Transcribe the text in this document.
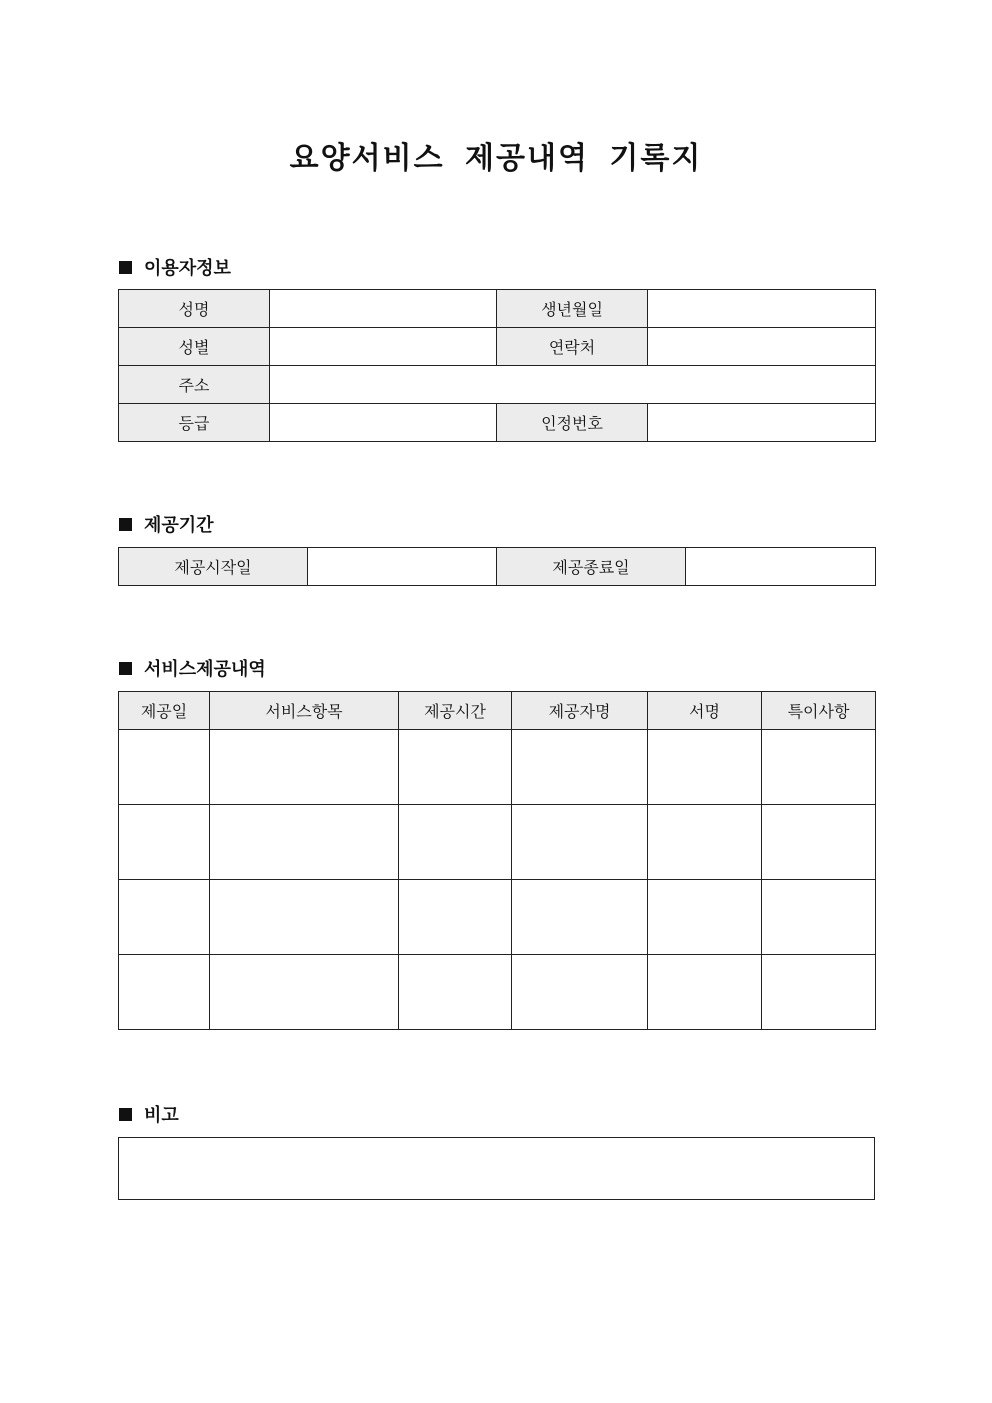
요양서비스 제공내역 기록지
이용자정보
성명		생년월일	
성별		연락처	
주소			
등급		인정번호	
제공기간
제공시작일		제공종료일	
서비스제공내역
제공일	서비스항목	제공시간	제공자명	서명	특이사항

비고
